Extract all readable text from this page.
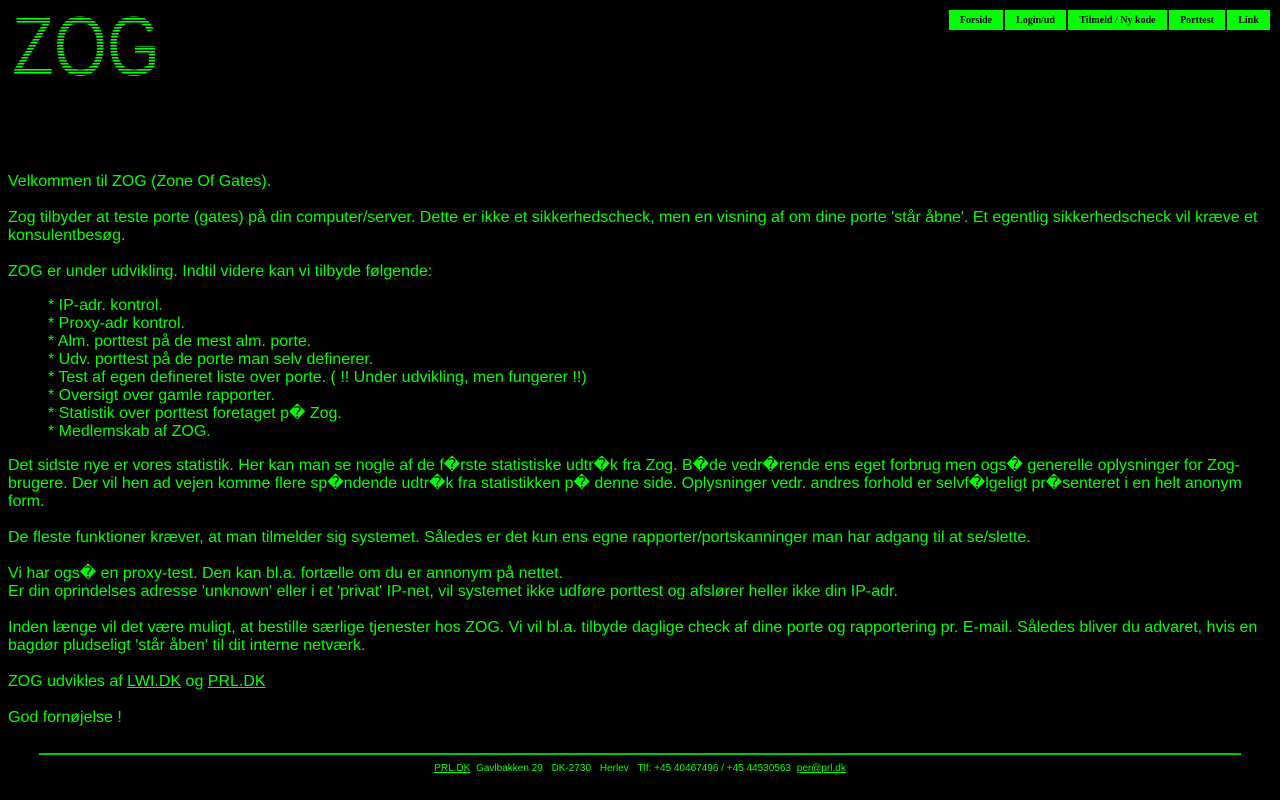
ZOG	Forside	Login/ud	Tilmeld / Ny kode	Porttest	Link

Velkommen til ZOG (Zone Of Gates).

Zog tilbyder at teste porte (gates) på din computer/server. Dette er ikke et sikkerhedscheck, men en visning af om dine porte 'står åbne'. Et egentlig sikkerhedscheck vil kræve et konsulentbesøg.

ZOG er under udvikling. Indtil videre kan vi tilbyde følgende:

* IP-adr. kontrol.
* Proxy-adr kontrol.
* Alm. porttest på de mest alm. porte.
* Udv. porttest på de porte man selv definerer.
* Test af egen defineret liste over porte. ( !! Under udvikling, men fungerer !!)
* Oversigt over gamle rapporter.
* Statistik over porttest foretaget p� Zog.
* Medlemskab af ZOG.

Det sidste nye er vores statistik. Her kan man se nogle af de f�rste statistiske udtr�k fra Zog. B�de vedr�rende ens eget forbrug men ogs� generelle oplysninger for Zog-brugere. Der vil hen ad vejen komme flere sp�ndende udtr�k fra statistikken p� denne side. Oplysninger vedr. andres forhold er selvf�lgeligt pr�senteret i en helt anonym form.

De fleste funktioner kræver, at man tilmelder sig systemet. Således er det kun ens egne rapporter/portskanninger man har adgang til at se/slette.

Vi har ogs� en proxy-test. Den kan bl.a. fortælle om du er annonym på nettet.
Er din oprindelses adresse 'unknown' eller i et 'privat' IP-net, vil systemet ikke udføre porttest og afslører heller ikke din IP-adr.

Inden længe vil det være muligt, at bestille særlige tjenester hos ZOG. Vi vil bl.a. tilbyde daglige check af dine porte og rapportering pr. E-mail. Således bliver du advaret, hvis en bagdør pludseligt 'står åben' til dit interne netværk.

ZOG udvikles af LWI.DK og PRL.DK

God fornøjelse !

PRL.DK Gavlbakken 29 DK-2730 Herlev Tlf: +45 40467496 / +45 44530563 per@prl.dk
